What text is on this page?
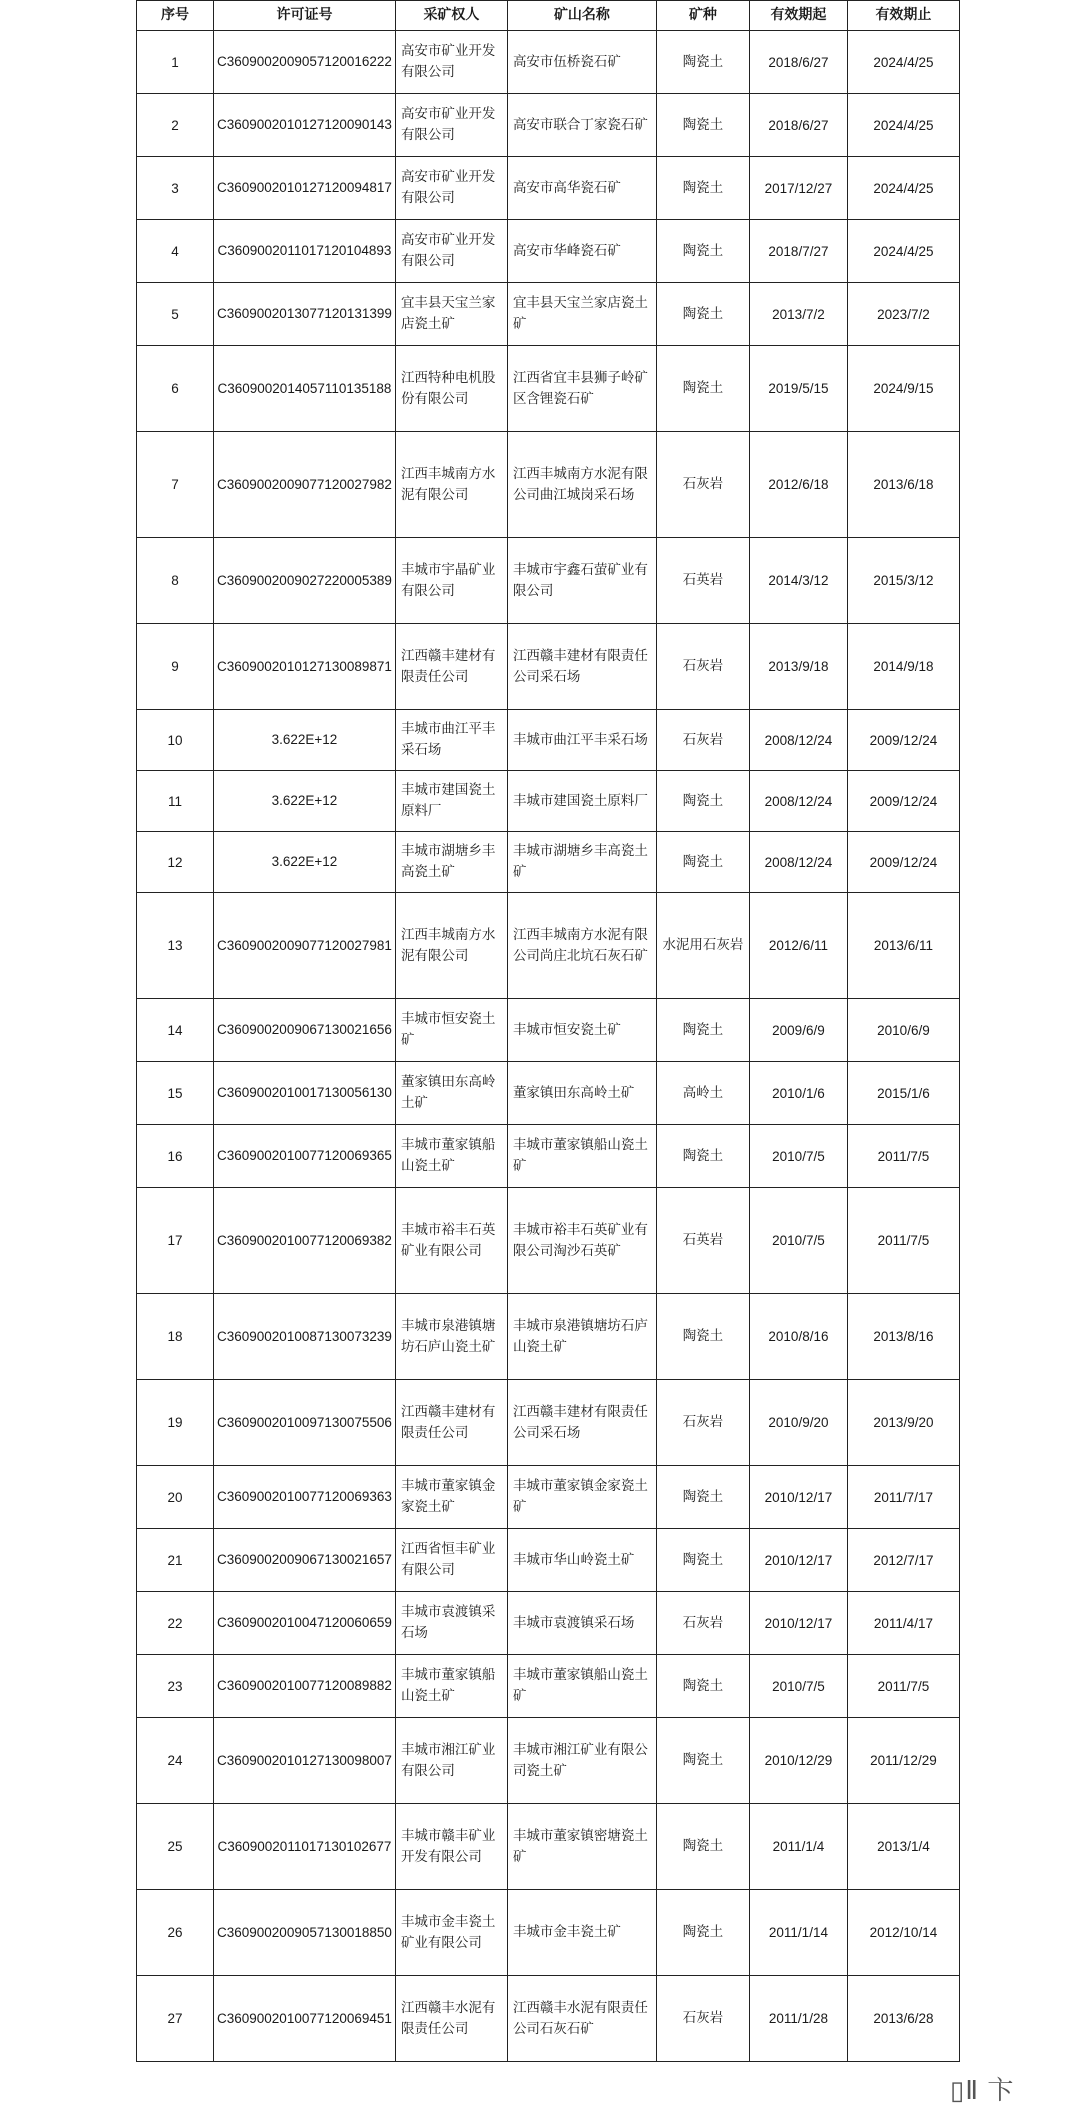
序号	许可证号	采矿权人	矿山名称	矿种	有效期起	有效期止
1	C3609002009057120016222	高安市矿业开发有限公司	高安市伍桥瓷石矿	陶瓷土	2018/6/27	2024/4/25
2	C3609002010127120090143	高安市矿业开发有限公司	高安市联合丁家瓷石矿	陶瓷土	2018/6/27	2024/4/25
3	C3609002010127120094817	高安市矿业开发有限公司	高安市高华瓷石矿	陶瓷土	2017/12/27	2024/4/25
4	C3609002011017120104893	高安市矿业开发有限公司	高安市华峰瓷石矿	陶瓷土	2018/7/27	2024/4/25
5	C3609002013077120131399	宜丰县天宝兰家店瓷土矿	宜丰县天宝兰家店瓷土矿	陶瓷土	2013/7/2	2023/7/2
6	C3609002014057110135188	江西特种电机股份有限公司	江西省宜丰县狮子岭矿区含锂瓷石矿	陶瓷土	2019/5/15	2024/9/15
7	C3609002009077120027982	江西丰城南方水泥有限公司	江西丰城南方水泥有限公司曲江城岗采石场	石灰岩	2012/6/18	2013/6/18
8	C3609002009027220005389	丰城市宇晶矿业有限公司	丰城市宇鑫石萤矿业有限公司	石英岩	2014/3/12	2015/3/12
9	C3609002010127130089871	江西赣丰建材有限责任公司	江西赣丰建材有限责任公司采石场	石灰岩	2013/9/18	2014/9/18
10	3.622E+12	丰城市曲江平丰采石场	丰城市曲江平丰采石场	石灰岩	2008/12/24	2009/12/24
11	3.622E+12	丰城市建国瓷土原料厂	丰城市建国瓷土原料厂	陶瓷土	2008/12/24	2009/12/24
12	3.622E+12	丰城市湖塘乡丰高瓷土矿	丰城市湖塘乡丰高瓷土矿	陶瓷土	2008/12/24	2009/12/24
13	C3609002009077120027981	江西丰城南方水泥有限公司	江西丰城南方水泥有限公司尚庄北坑石灰石矿	水泥用石灰岩	2012/6/11	2013/6/11
14	C3609002009067130021656	丰城市恒安瓷土矿	丰城市恒安瓷土矿	陶瓷土	2009/6/9	2010/6/9
15	C3609002010017130056130	董家镇田东高岭土矿	董家镇田东高岭土矿	高岭土	2010/1/6	2015/1/6
16	C3609002010077120069365	丰城市董家镇船山瓷土矿	丰城市董家镇船山瓷土矿	陶瓷土	2010/7/5	2011/7/5
17	C3609002010077120069382	丰城市裕丰石英矿业有限公司	丰城市裕丰石英矿业有限公司淘沙石英矿	石英岩	2010/7/5	2011/7/5
18	C3609002010087130073239	丰城市泉港镇塘坊石庐山瓷土矿	丰城市泉港镇塘坊石庐山瓷土矿	陶瓷土	2010/8/16	2013/8/16
19	C3609002010097130075506	江西赣丰建材有限责任公司	江西赣丰建材有限责任公司采石场	石灰岩	2010/9/20	2013/9/20
20	C3609002010077120069363	丰城市董家镇金家瓷土矿	丰城市董家镇金家瓷土矿	陶瓷土	2010/12/17	2011/7/17
21	C3609002009067130021657	江西省恒丰矿业有限公司	丰城市华山岭瓷土矿	陶瓷土	2010/12/17	2012/7/17
22	C3609002010047120060659	丰城市袁渡镇采石场	丰城市袁渡镇采石场	石灰岩	2010/12/17	2011/4/17
23	C3609002010077120089882	丰城市董家镇船山瓷土矿	丰城市董家镇船山瓷土矿	陶瓷土	2010/7/5	2011/7/5
24	C3609002010127130098007	丰城市湘江矿业有限公司	丰城市湘江矿业有限公司瓷土矿	陶瓷土	2010/12/29	2011/12/29
25	C3609002011017130102677	丰城市赣丰矿业开发有限公司	丰城市董家镇密塘瓷土矿	陶瓷土	2011/1/4	2013/1/4
26	C3609002009057130018850	丰城市金丰瓷土矿业有限公司	丰城市金丰瓷土矿	陶瓷土	2011/1/14	2012/10/14
27	C3609002010077120069451	江西赣丰水泥有限责任公司	江西赣丰水泥有限责任公司石灰石矿	石灰岩	2011/1/28	2013/6/28
▯Ⅱ 卞
